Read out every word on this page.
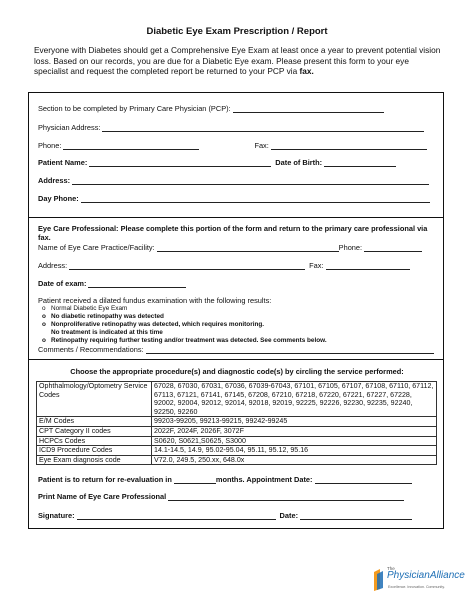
Diabetic Eye Exam Prescription / Report
Everyone with Diabetes should get a Comprehensive Eye Exam at least once a year to prevent potential vision loss. Based on our records, you are due for a Diabetic Eye exam. Please present this form to your eye specialist and request the completed report be returned to your PCP via fax.
Section to be completed by Primary Care Physician (PCP):
Physician Address:
Phone:	Fax:
Patient Name:	Date of Birth:
Address:
Day Phone:
Eye Care Professional: Please complete this portion of the form and return to the primary care professional via fax.
Name of Eye Care Practice/Facility:	Phone:
Address:	Fax:
Date of exam:
Patient received a dilated fundus examination with the following results:
o Normal Diabetic Eye Exam
o No diabetic retinopathy was detected
o Nonproliferative retinopathy was detected, which requires monitoring.
No treatment is indicated at this time
o Retinopathy requiring further testing and/or treatment was detected. See comments below.
Comments / Recommendations:
Choose the appropriate procedure(s) and diagnostic code(s) by circling the service performed:
Ophthalmology/Optometry Service Codes	67028, 67030, 67031, 67036, 67039-67043, 67101, 67105, 67107, 67108, 67110, 67112, 67113, 67121, 67141, 67145, 67208, 67210, 67218, 67220, 67221, 67227, 67228, 92002, 92004, 92012, 92014, 92018, 92019, 92225, 92226, 92230, 92235, 92240, 92250, 92260
E/M Codes	99203-99205, 99213-99215, 99242-99245
CPT Category II codes	2022F, 2024F, 2026F, 3072F
HCPCs Codes	S0620, S0621,S0625, S3000
ICD9 Procedure Codes	14.1-14.5, 14.9, 95.02-95.04, 95.11, 95.12, 95.16
Eye Exam diagnosis code	V72.0, 249.5, 250.xx, 648.0x
Patient is to return for re-evaluation in	months. Appointment Date:
Print Name of Eye Care Professional
Signature:	Date:
The
PhysicianAlliance
Excellence. Innovation. Community.
